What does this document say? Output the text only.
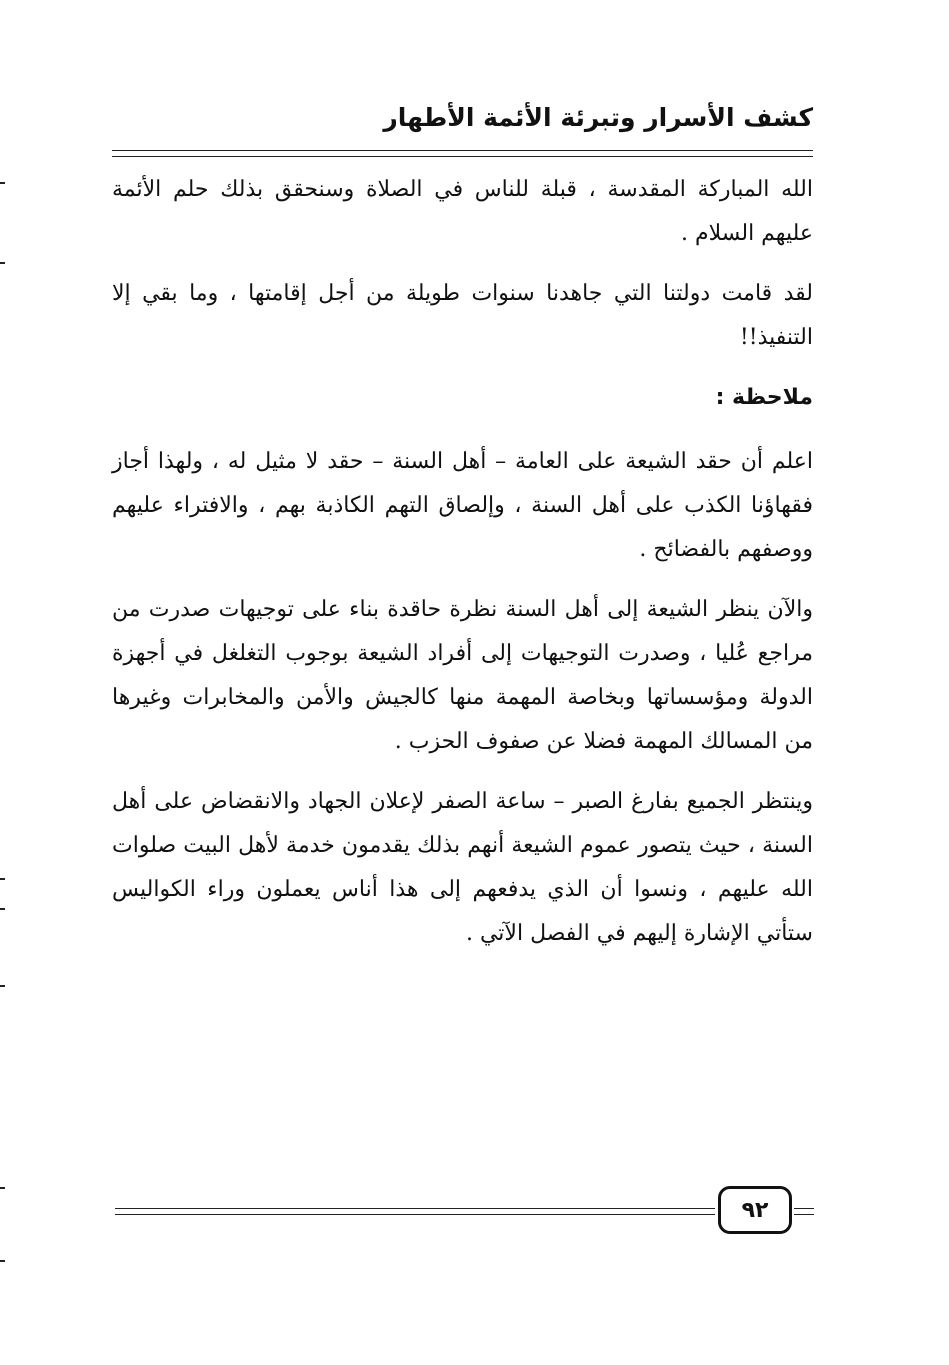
كشف الأسرار وتبرئة الأئمة الأطهار

الله المباركة المقدسة ، قبلة للناس في الصلاة وسنحقق بذلك حلم الأئمة عليهم السلام .

لقد قامت دولتنا التي جاهدنا سنوات طويلة من أجل إقامتها ، وما بقي إلا التنفيذ!!

ملاحظة :

اعلم أن حقد الشيعة على العامة – أهل السنة – حقد لا مثيل له ، ولهذا أجاز فقهاؤنا الكذب على أهل السنة ، وإلصاق التهم الكاذبة بهم ، والافتراء عليهم ووصفهم بالفضائح .

والآن ينظر الشيعة إلى أهل السنة نظرة حاقدة بناء على توجيهات صدرت من مراجع عُليا ، وصدرت التوجيهات إلى أفراد الشيعة بوجوب التغلغل في أجهزة الدولة ومؤسساتها وبخاصة المهمة منها كالجيش والأمن والمخابرات وغيرها من المسالك المهمة فضلا عن صفوف الحزب .

وينتظر الجميع بفارغ الصبر – ساعة الصفر لإعلان الجهاد والانقضاض على أهل السنة ، حيث يتصور عموم الشيعة أنهم بذلك يقدمون خدمة لأهل البيت صلوات الله عليهم ، ونسوا أن الذي يدفعهم إلى هذا أناس يعملون وراء الكواليس ستأتي الإشارة إليهم في الفصل الآتي .

٩٢
